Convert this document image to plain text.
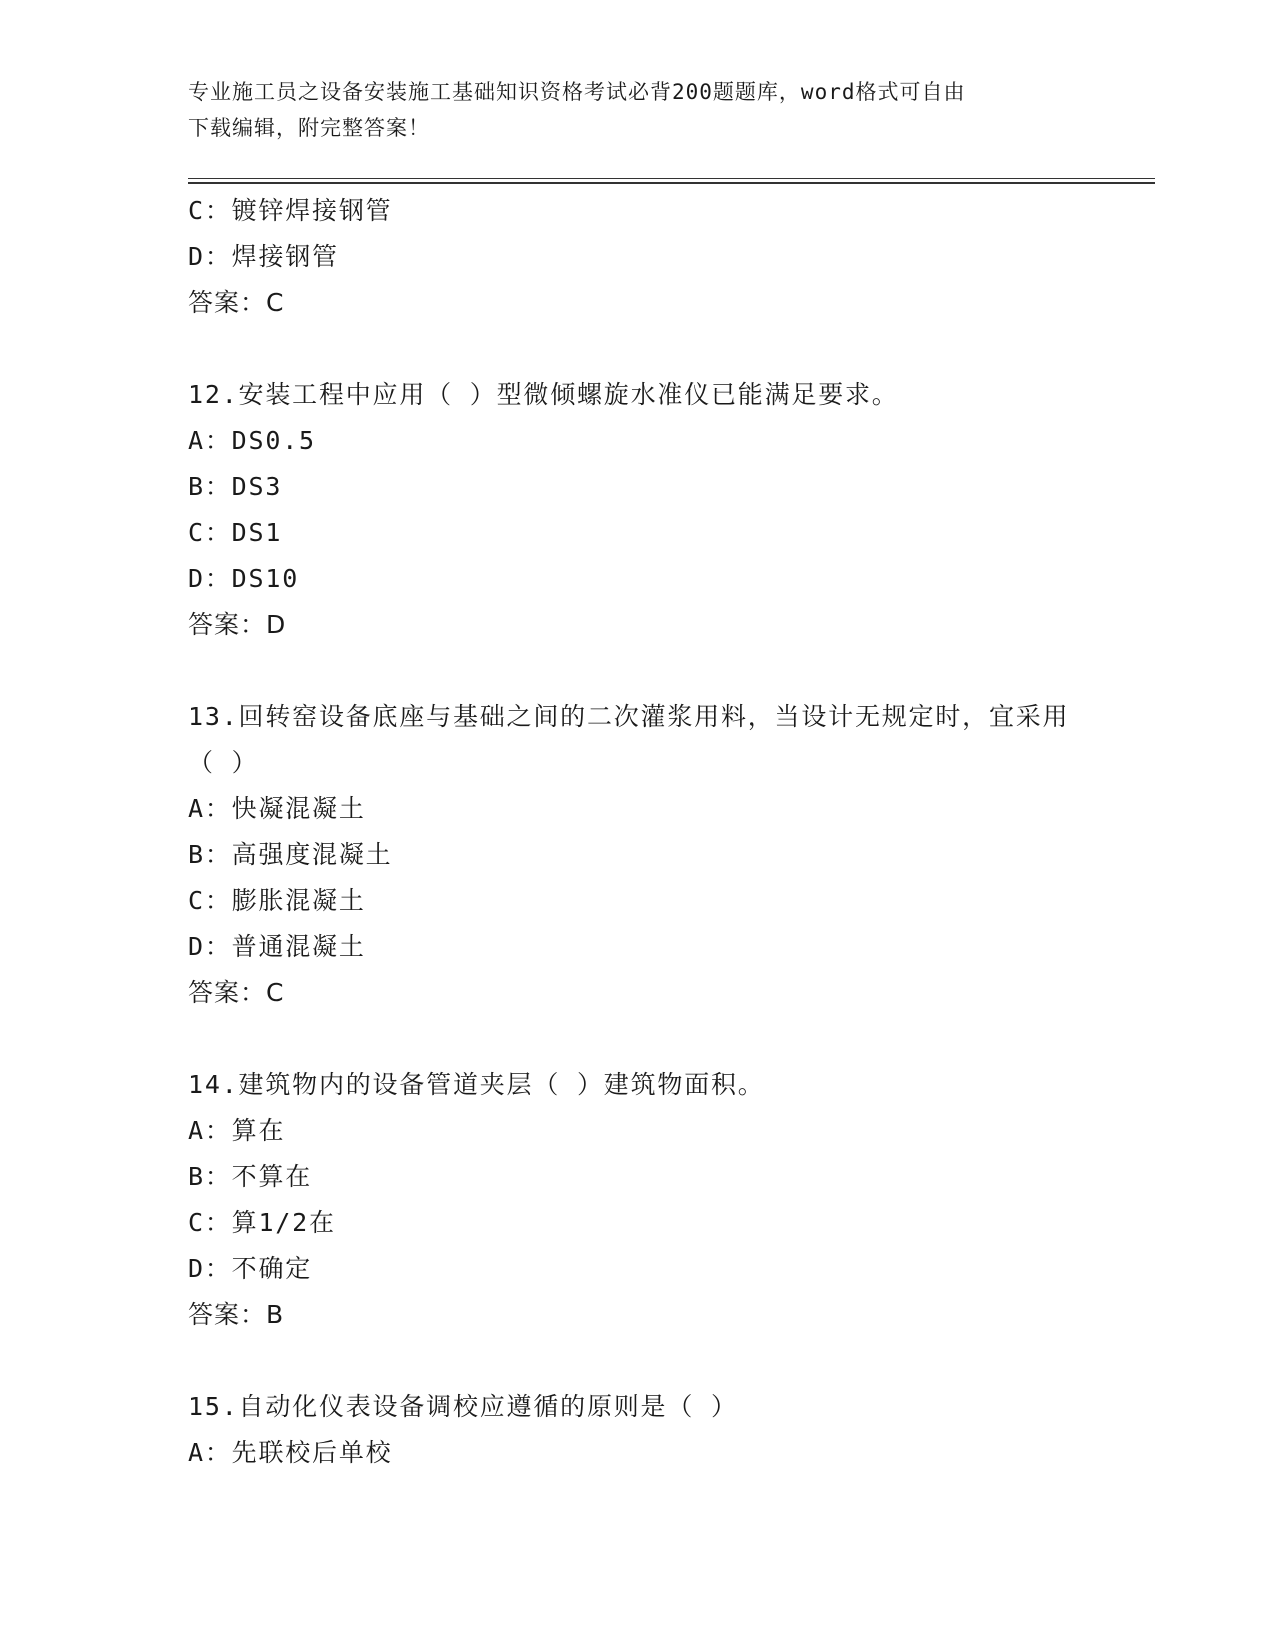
专业施工员之设备安装施工基础知识资格考试必背200题题库，word格式可自由
下载编辑，附完整答案！
C：镀锌焊接钢管
D：焊接钢管
答案：C
12.安装工程中应用（ ）型微倾螺旋水准仪已能满足要求。
A：DS0.5
B：DS3
C：DS1
D：DS10
答案：D
13.回转窑设备底座与基础之间的二次灌浆用料，当设计无规定时，宜采用（ ）
A：快凝混凝土
B：高强度混凝土
C：膨胀混凝土
D：普通混凝土
答案：C
14.建筑物内的设备管道夹层（ ）建筑物面积。
A：算在
B：不算在
C：算1/2在
D：不确定
答案：B
15.自动化仪表设备调校应遵循的原则是（ ）
A：先联校后单校
